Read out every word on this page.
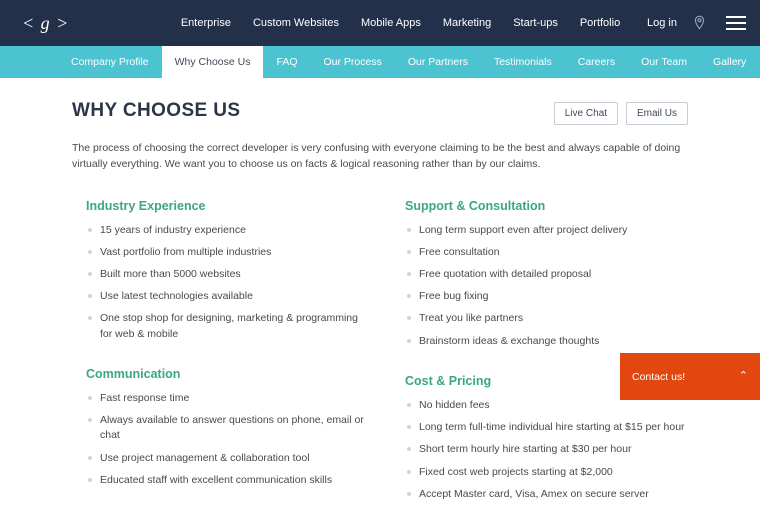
< g >	Enterprise Custom Websites Mobile Apps Marketing Start-ups Portfolio Log in
Company Profile	Why Choose Us	FAQ	Our Process	Our Partners	Testimonials	Careers	Our Team	Gallery
Live Chat	Email Us
WHY CHOOSE US

The process of choosing the correct developer is very confusing with everyone claiming to be the best and always capable of doing virtually everything. We want you to choose us on facts & logical reasoning rather than by our claims.

Industry Experience
15 years of industry experience
Vast portfolio from multiple industries
Built more than 5000 websites
Use latest technologies available
One stop shop for designing, marketing & programming for web & mobile
Communication
Fast response time
Always available to answer questions on phone, email or chat
Use project management & collaboration tool
Educated staff with excellent communication skills
Support & Consultation
Long term support even after project delivery
Free consultation
Free quotation with detailed proposal
Free bug fixing
Treat you like partners
Brainstorm ideas & exchange thoughts
Cost & Pricing
No hidden fees
Long term full-time individual hire starting at $15 per hour
Short term hourly hire starting at $30 per hour
Fixed cost web projects starting at $2,000
Accept Master card, Visa, Amex on secure server
Contact us!	⌃
